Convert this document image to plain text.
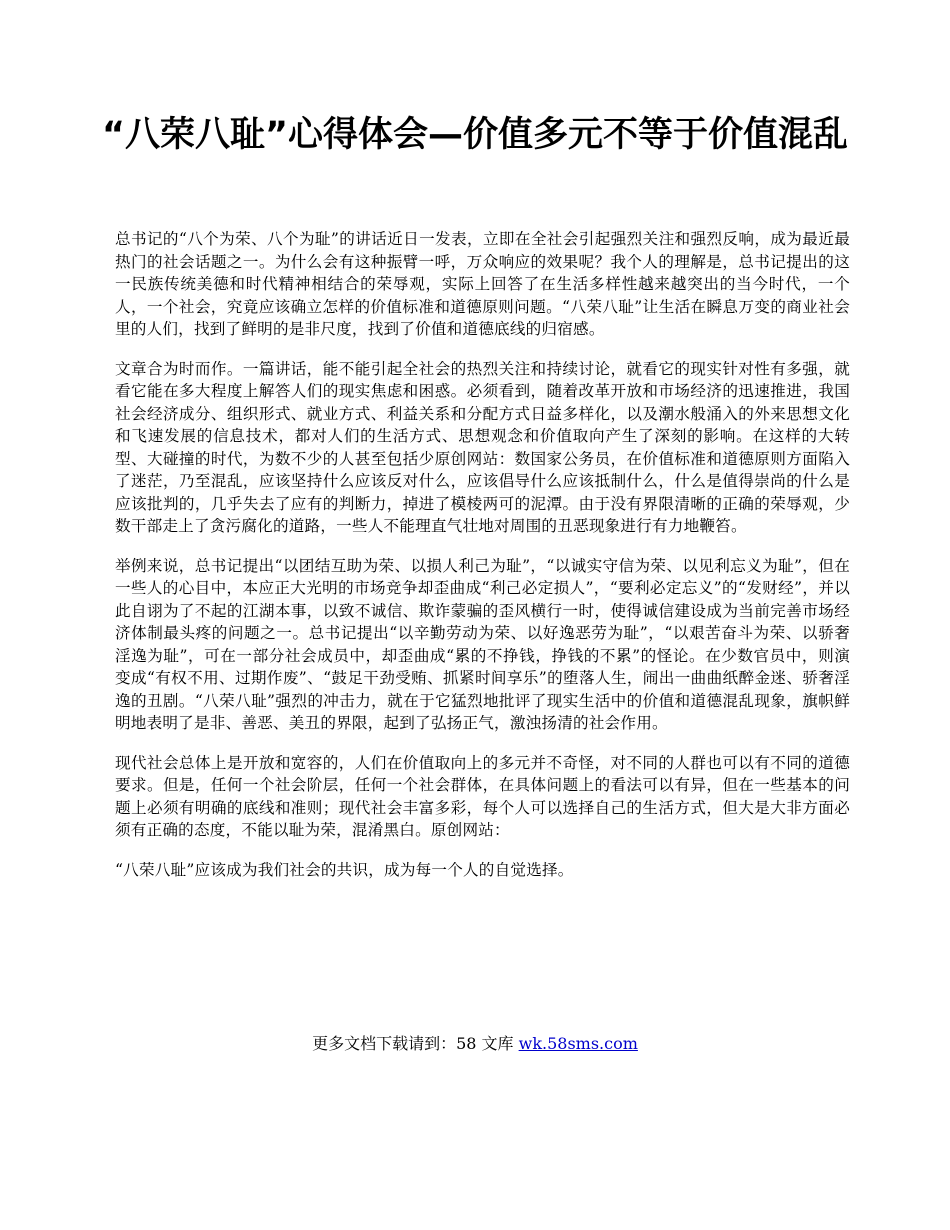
“八荣八耻”心得体会—价值多元不等于价值混乱

总书记的“八个为荣、八个为耻”的讲话近日一发表，立即在全社会引起强烈关注和强烈反响，成为最近最热门的社会话题之一。为什么会有这种振臂一呼，万众响应的效果呢？我个人的理解是，总书记提出的这一民族传统美德和时代精神相结合的荣辱观，实际上回答了在生活多样性越来越突出的当今时代，一个人，一个社会，究竟应该确立怎样的价值标准和道德原则问题。“八荣八耻”让生活在瞬息万变的商业社会里的人们，找到了鲜明的是非尺度，找到了价值和道德底线的归宿感。

文章合为时而作。一篇讲话，能不能引起全社会的热烈关注和持续讨论，就看它的现实针对性有多强，就看它能在多大程度上解答人们的现实焦虑和困惑。必须看到，随着改革开放和市场经济的迅速推进，我国社会经济成分、组织形式、就业方式、利益关系和分配方式日益多样化，以及潮水般涌入的外来思想文化和飞速发展的信息技术，都对人们的生活方式、思想观念和价值取向产生了深刻的影响。在这样的大转型、大碰撞的时代，为数不少的人甚至包括少原创网站：数国家公务员，在价值标准和道德原则方面陷入了迷茫，乃至混乱，应该坚持什么应该反对什么，应该倡导什么应该抵制什么，什么是值得崇尚的什么是应该批判的，几乎失去了应有的判断力，掉进了模棱两可的泥潭。由于没有界限清晰的正确的荣辱观，少数干部走上了贪污腐化的道路，一些人不能理直气壮地对周围的丑恶现象进行有力地鞭笞。

举例来说，总书记提出“以团结互助为荣、以损人利己为耻”，“以诚实守信为荣、以见利忘义为耻”，但在一些人的心目中，本应正大光明的市场竞争却歪曲成“利己必定损人”，“要利必定忘义”的“发财经”，并以此自诩为了不起的江湖本事，以致不诚信、欺诈蒙骗的歪风横行一时，使得诚信建设成为当前完善市场经济体制最头疼的问题之一。总书记提出“以辛勤劳动为荣、以好逸恶劳为耻”，“以艰苦奋斗为荣、以骄奢淫逸为耻”，可在一部分社会成员中，却歪曲成“累的不挣钱，挣钱的不累”的怪论。在少数官员中，则演变成“有权不用、过期作废”、“鼓足干劲受贿、抓紧时间享乐”的堕落人生，闹出一曲曲纸醉金迷、骄奢淫逸的丑剧。“八荣八耻”强烈的冲击力，就在于它猛烈地批评了现实生活中的价值和道德混乱现象，旗帜鲜明地表明了是非、善恶、美丑的界限，起到了弘扬正气，激浊扬清的社会作用。

现代社会总体上是开放和宽容的，人们在价值取向上的多元并不奇怪，对不同的人群也可以有不同的道德要求。但是，任何一个社会阶层，任何一个社会群体，在具体问题上的看法可以有异，但在一些基本的问题上必须有明确的底线和准则；现代社会丰富多彩，每个人可以选择自己的生活方式，但大是大非方面必须有正确的态度，不能以耻为荣，混淆黑白。原创网站：

“八荣八耻”应该成为我们社会的共识，成为每一个人的自觉选择。

更多文档下载请到：58 文库 wk.58sms.com
